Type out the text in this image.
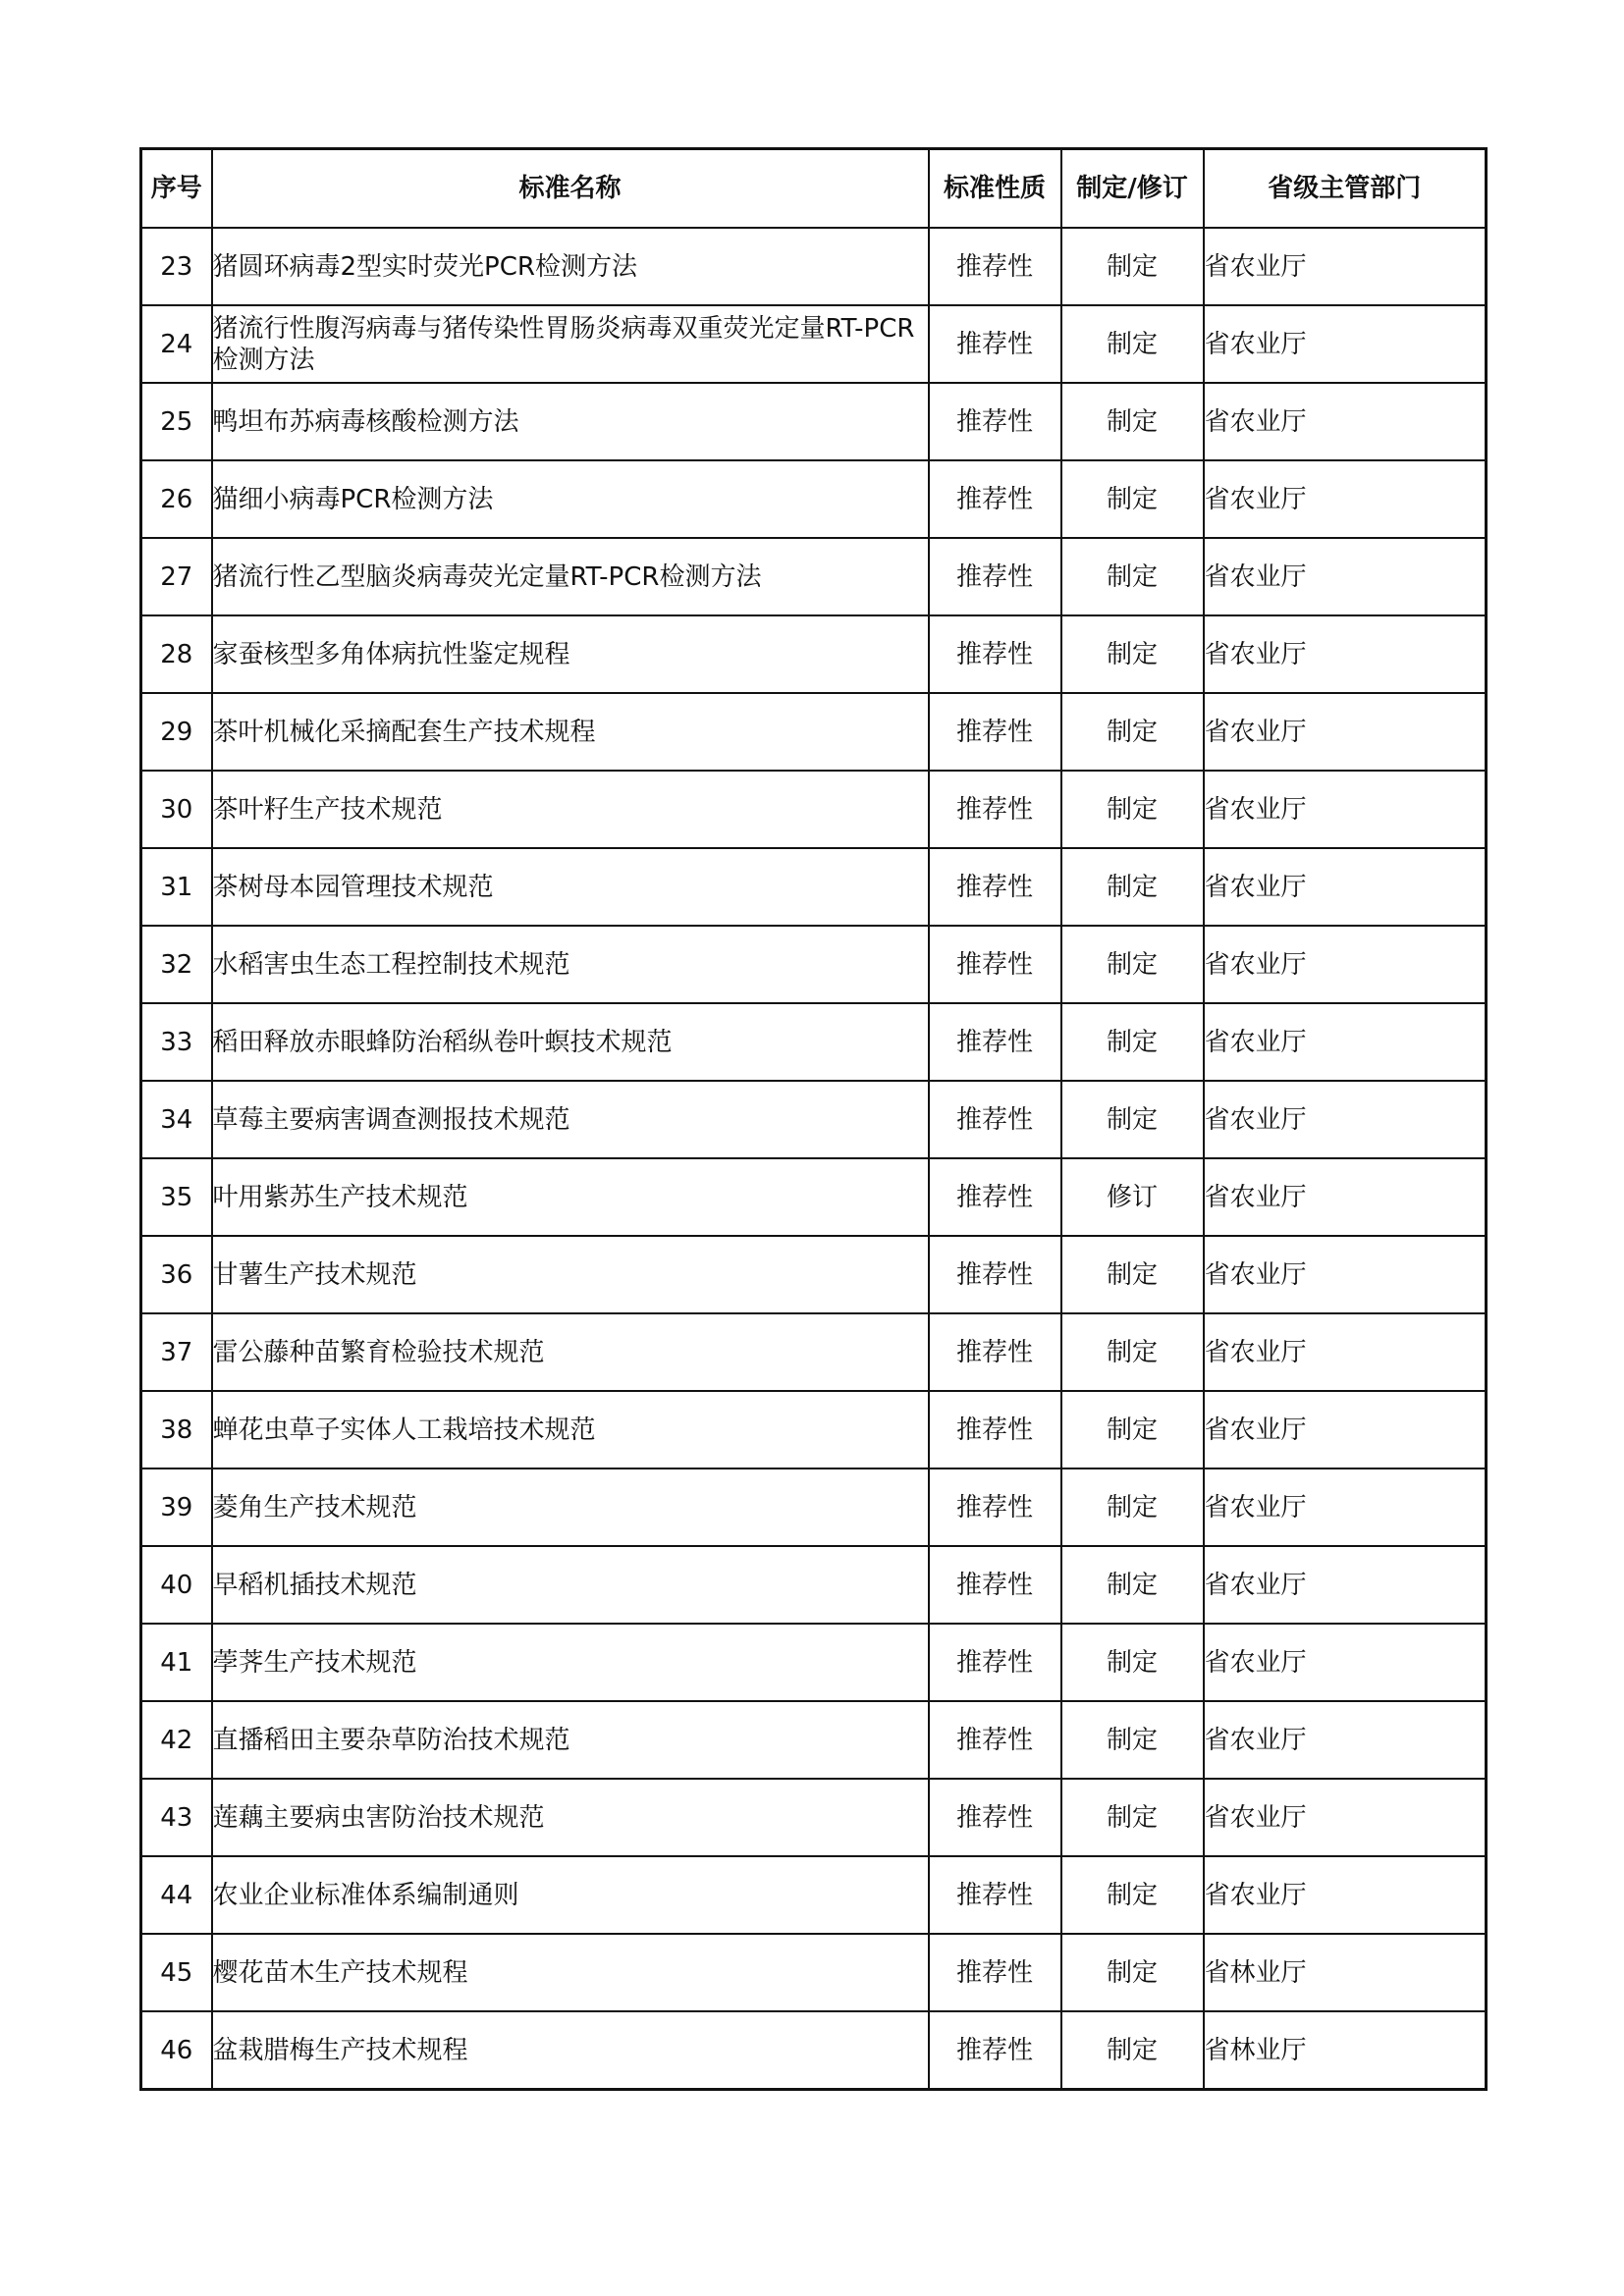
序号	标准名称	标准性质	制定/修订	省级主管部门
23	猪圆环病毒2型实时荧光PCR检测方法	推荐性	制定	省农业厅
24	猪流行性腹泻病毒与猪传染性胃肠炎病毒双重荧光定量RT-PCR检测方法	推荐性	制定	省农业厅
25	鸭坦布苏病毒核酸检测方法	推荐性	制定	省农业厅
26	猫细小病毒PCR检测方法	推荐性	制定	省农业厅
27	猪流行性乙型脑炎病毒荧光定量RT-PCR检测方法	推荐性	制定	省农业厅
28	家蚕核型多角体病抗性鉴定规程	推荐性	制定	省农业厅
29	茶叶机械化采摘配套生产技术规程	推荐性	制定	省农业厅
30	茶叶籽生产技术规范	推荐性	制定	省农业厅
31	茶树母本园管理技术规范	推荐性	制定	省农业厅
32	水稻害虫生态工程控制技术规范	推荐性	制定	省农业厅
33	稻田释放赤眼蜂防治稻纵卷叶螟技术规范	推荐性	制定	省农业厅
34	草莓主要病害调查测报技术规范	推荐性	制定	省农业厅
35	叶用紫苏生产技术规范	推荐性	修订	省农业厅
36	甘薯生产技术规范	推荐性	制定	省农业厅
37	雷公藤种苗繁育检验技术规范	推荐性	制定	省农业厅
38	蝉花虫草子实体人工栽培技术规范	推荐性	制定	省农业厅
39	菱角生产技术规范	推荐性	制定	省农业厅
40	早稻机插技术规范	推荐性	制定	省农业厅
41	荸荠生产技术规范	推荐性	制定	省农业厅
42	直播稻田主要杂草防治技术规范	推荐性	制定	省农业厅
43	莲藕主要病虫害防治技术规范	推荐性	制定	省农业厅
44	农业企业标准体系编制通则	推荐性	制定	省农业厅
45	樱花苗木生产技术规程	推荐性	制定	省林业厅
46	盆栽腊梅生产技术规程	推荐性	制定	省林业厅
